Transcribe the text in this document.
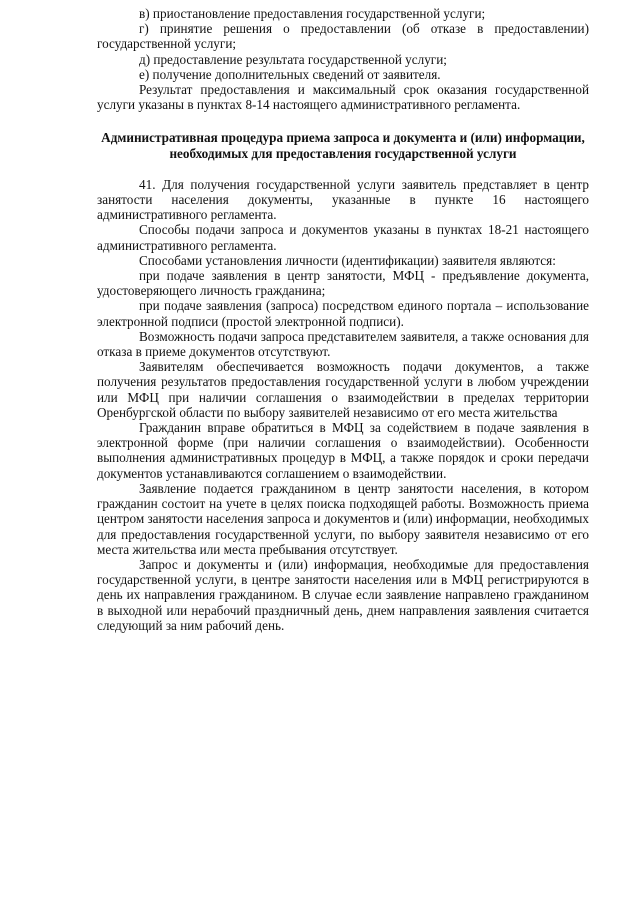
в) приостановление предоставления государственной услуги;

г) принятие решения о предоставлении (об отказе в предоставлении) государственной услуги;

д) предоставление результата государственной услуги;

е) получение дополнительных сведений от заявителя.

Результат предоставления и максимальный срок оказания государственной услуги указаны в пунктах 8-14 настоящего административного регламента.

Административная процедура приема запроса и документа и (или) информации, необходимых для предоставления государственной услуги

41. Для получения государственной услуги заявитель представляет в центр занятости населения документы, указанные в пункте 16 настоящего административного регламента.

Способы подачи запроса и документов указаны в пунктах 18-21 настоящего административного регламента.

Способами установления личности (идентификации) заявителя являются:

при подаче заявления в центр занятости, МФЦ - предъявление документа, удостоверяющего личность гражданина;

при подаче заявления (запроса) посредством единого портала – использование электронной подписи (простой электронной подписи).

Возможность подачи запроса представителем заявителя, а также основания для отказа в приеме документов отсутствуют.

Заявителям обеспечивается возможность подачи документов, а также получения результатов предоставления государственной услуги в любом учреждении или МФЦ при наличии соглашения о взаимодействии в пределах территории Оренбургской области по выбору заявителей независимо от его места жительства

Гражданин вправе обратиться в МФЦ за содействием в подаче заявления в электронной форме (при наличии соглашения о взаимодействии). Особенности выполнения административных процедур в МФЦ, а также порядок и сроки передачи документов устанавливаются соглашением о взаимодействии.

Заявление подается гражданином в центр занятости населения, в котором гражданин состоит на учете в целях поиска подходящей работы. Возможность приема центром занятости населения запроса и документов и (или) информации, необходимых для предоставления государственной услуги, по выбору заявителя независимо от его места жительства или места пребывания отсутствует.

Запрос и документы и (или) информация, необходимые для предоставления государственной услуги, в центре занятости населения или в МФЦ регистрируются в день их направления гражданином. В случае если заявление направлено гражданином в выходной или нерабочий праздничный день, днем направления заявления считается следующий за ним рабочий день.
